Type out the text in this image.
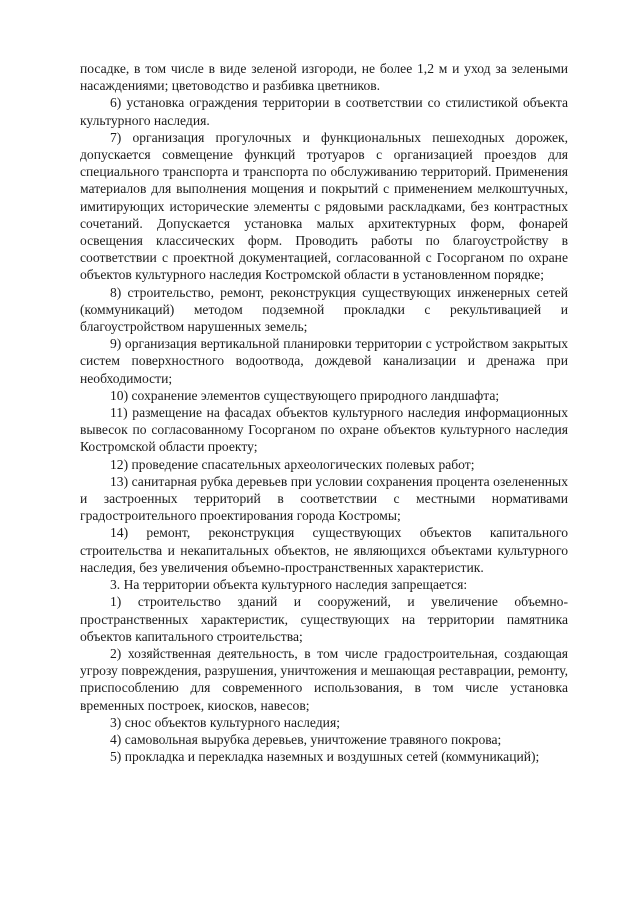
посадке, в том числе в виде зеленой изгороди, не более 1,2 м и уход за зелеными насаждениями; цветоводство и разбивка цветников.

6) установка ограждения территории в соответствии со стилистикой объекта культурного наследия.

7) организация прогулочных и функциональных пешеходных дорожек, допускается совмещение функций тротуаров с организацией проездов для специального транспорта и транспорта по обслуживанию территорий. Применения материалов для выполнения мощения и покрытий с применением мелкоштучных, имитирующих исторические элементы с рядовыми раскладками, без контрастных сочетаний. Допускается установка малых архитектурных форм, фонарей освещения классических форм. Проводить работы по благоустройству в соответствии с проектной документацией, согласованной с Госорганом по охране объектов культурного наследия Костромской области в установленном порядке;

8) строительство, ремонт, реконструкция существующих инженерных сетей (коммуникаций) методом подземной прокладки с рекультивацией и благоустройством нарушенных земель;

9) организация вертикальной планировки территории с устройством закрытых систем поверхностного водоотвода, дождевой канализации и дренажа при необходимости;

10) сохранение элементов существующего природного ландшафта;

11) размещение на фасадах объектов культурного наследия информационных вывесок по согласованному Госорганом по охране объектов культурного наследия Костромской области проекту;

12) проведение спасательных археологических полевых работ;

13) санитарная рубка деревьев при условии сохранения процента озелененных и застроенных территорий в соответствии с местными нормативами градостроительного проектирования города Костромы;

14) ремонт, реконструкция существующих объектов капитального строительства и некапитальных объектов, не являющихся объектами культурного наследия, без увеличения объемно-пространственных характеристик.

3. На территории объекта культурного наследия запрещается:

1) строительство зданий и сооружений, и увеличение объемно-пространственных характеристик, существующих на территории памятника объектов капитального строительства;

2) хозяйственная деятельность, в том числе градостроительная, создающая угрозу повреждения, разрушения, уничтожения и мешающая реставрации, ремонту, приспособлению для современного использования, в том числе установка временных построек, киосков, навесов;

3) снос объектов культурного наследия;

4) самовольная вырубка деревьев, уничтожение травяного покрова;

5) прокладка и перекладка наземных и воздушных сетей (коммуникаций);
